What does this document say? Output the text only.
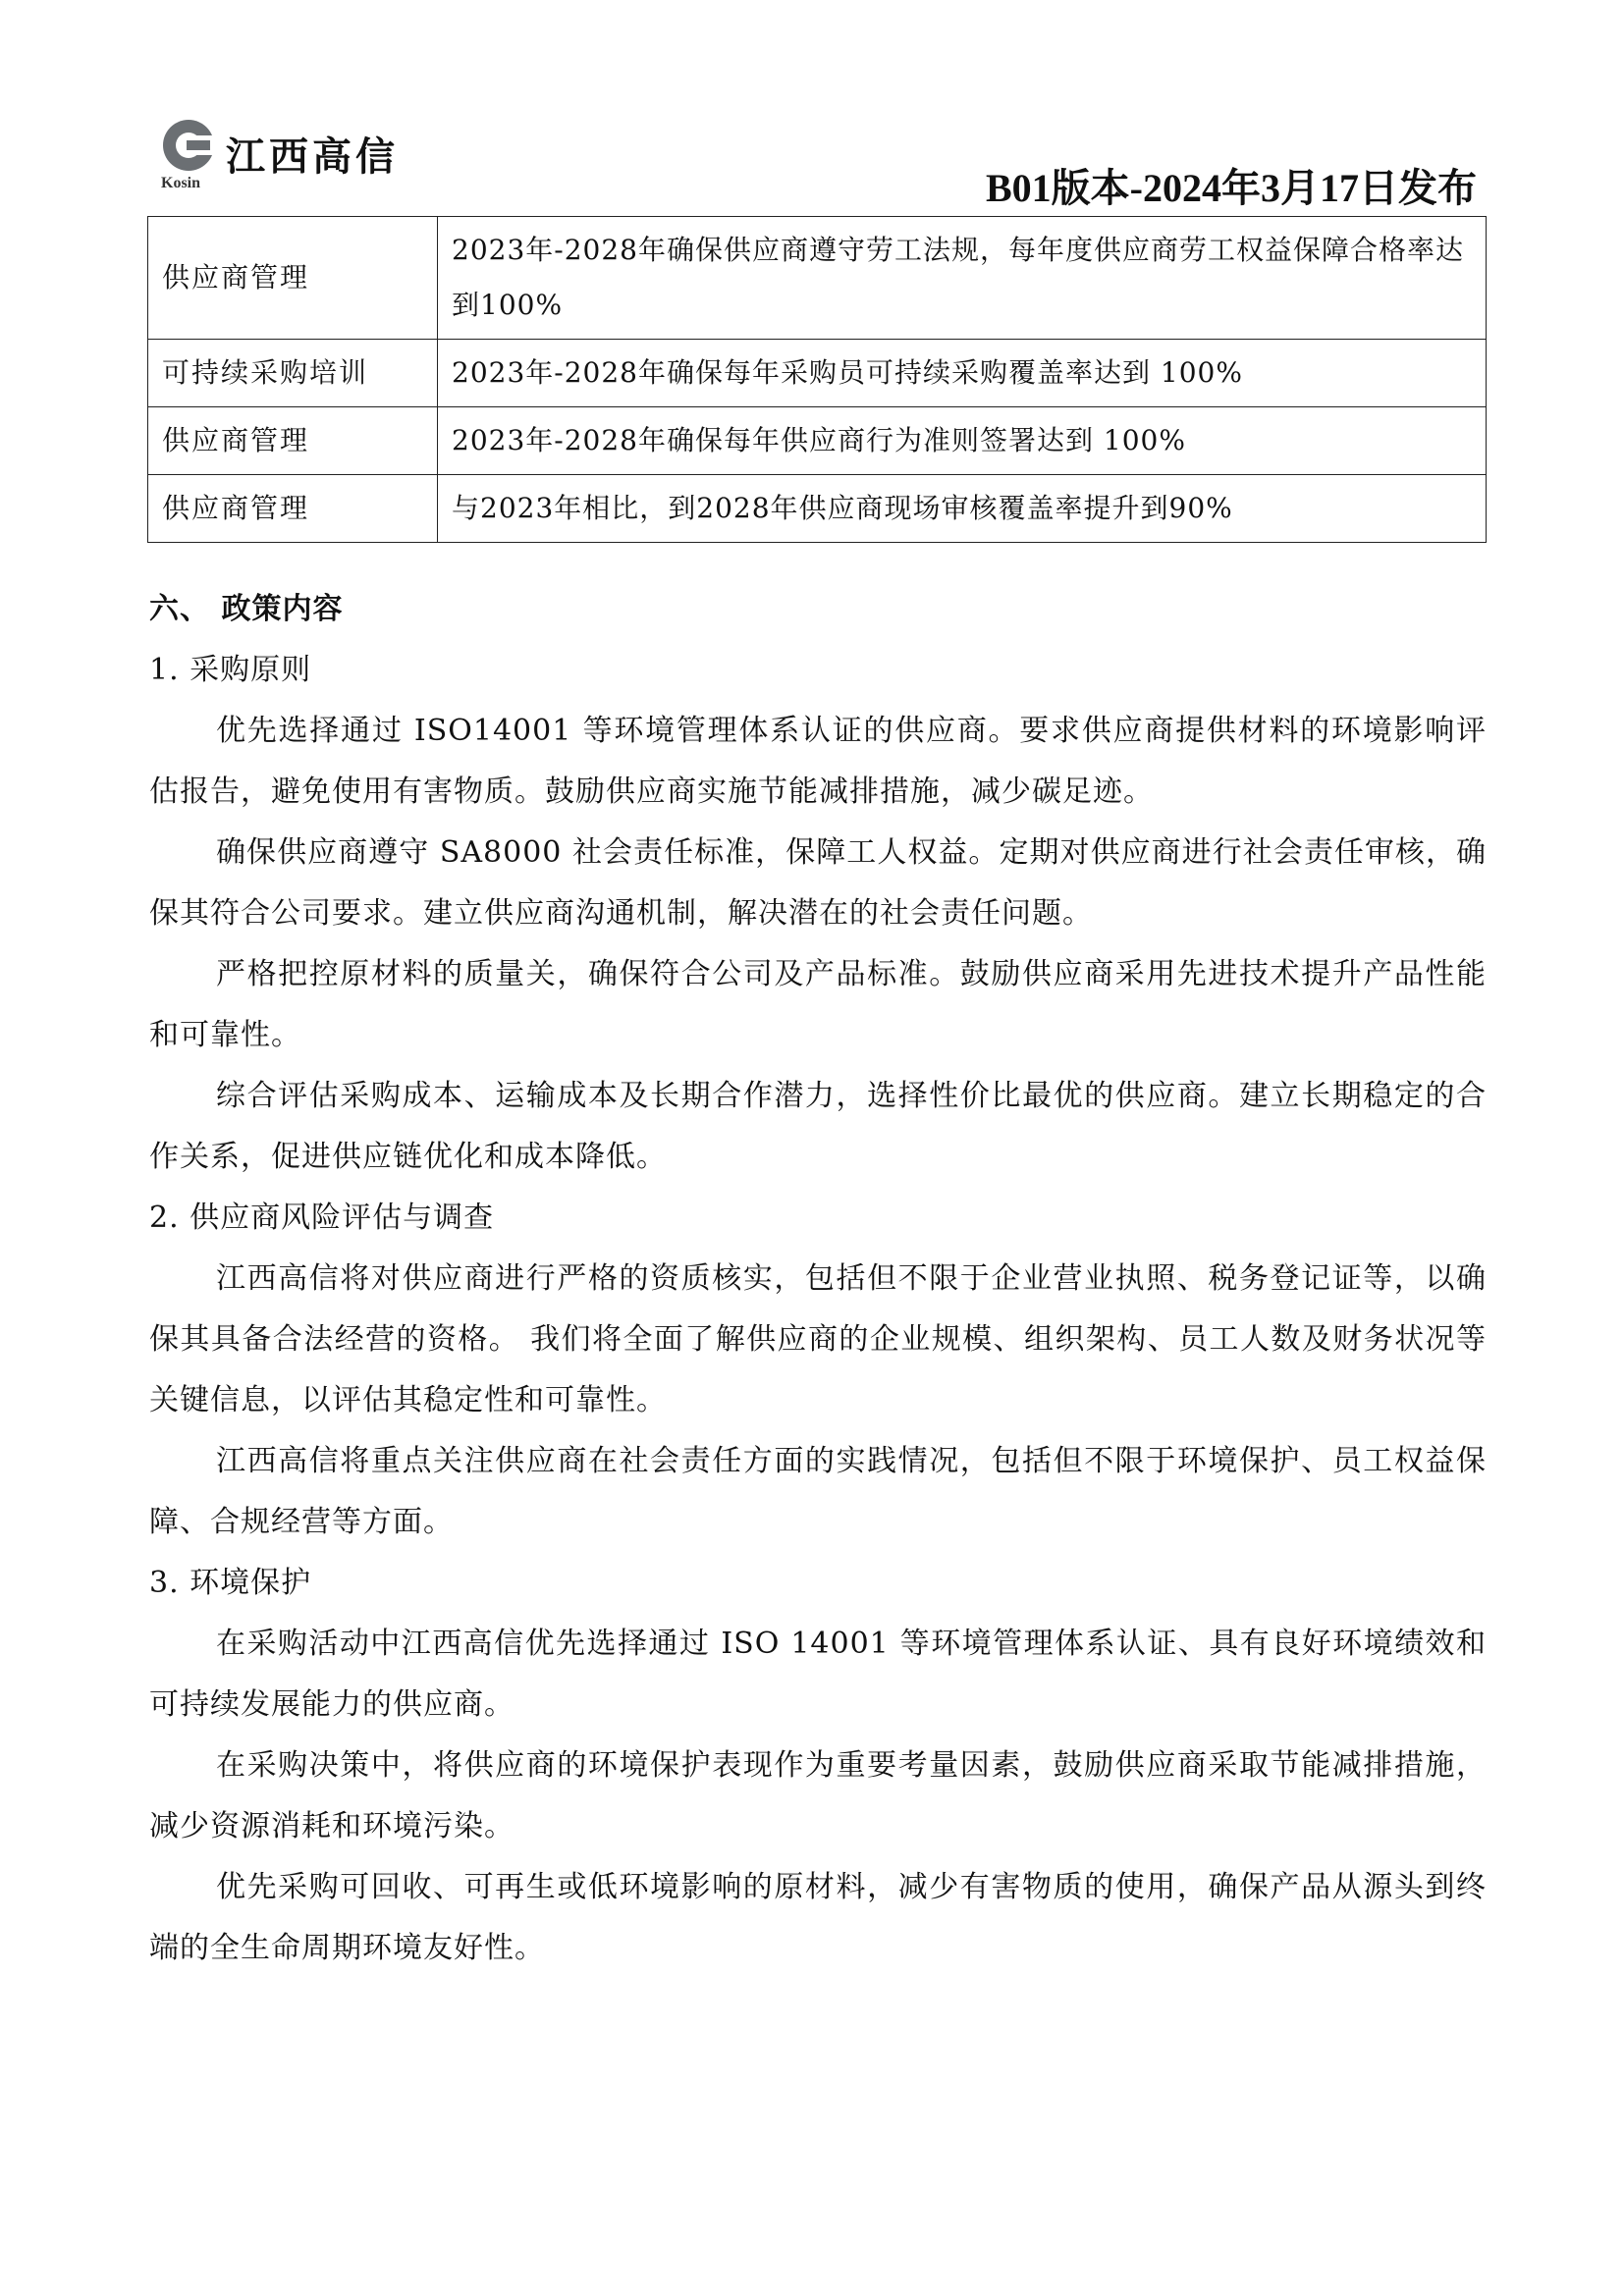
江西高信
Kosin	B01版本-2024年3月17日发布
供应商管理	2023年-2028年确保供应商遵守劳工法规，每年度供应商劳工权益保障合格率达到100%
可持续采购培训	2023年-2028年确保每年采购员可持续采购覆盖率达到 100%
供应商管理	2023年-2028年确保每年供应商行为准则签署达到 100%
供应商管理	与2023年相比，到2028年供应商现场审核覆盖率提升到90%

六、 政策内容

1. 采购原则

优先选择通过 ISO14001 等环境管理体系认证的供应商。要求供应商提供材料的环境影响评估报告，避免使用有害物质。鼓励供应商实施节能减排措施，减少碳足迹。

确保供应商遵守 SA8000 社会责任标准，保障工人权益。定期对供应商进行社会责任审核，确保其符合公司要求。建立供应商沟通机制，解决潜在的社会责任问题。

严格把控原材料的质量关，确保符合公司及产品标准。鼓励供应商采用先进技术提升产品性能和可靠性。

综合评估采购成本、运输成本及长期合作潜力，选择性价比最优的供应商。建立长期稳定的合作关系，促进供应链优化和成本降低。

2. 供应商风险评估与调查

江西高信将对供应商进行严格的资质核实，包括但不限于企业营业执照、税务登记证等，以确保其具备合法经营的资格。 我们将全面了解供应商的企业规模、组织架构、员工人数及财务状况等关键信息，以评估其稳定性和可靠性。

江西高信将重点关注供应商在社会责任方面的实践情况，包括但不限于环境保护、员工权益保障、合规经营等方面。

3. 环境保护

在采购活动中江西高信优先选择通过 ISO 14001 等环境管理体系认证、具有良好环境绩效和可持续发展能力的供应商。

在采购决策中，将供应商的环境保护表现作为重要考量因素，鼓励供应商采取节能减排措施，减少资源消耗和环境污染。

优先采购可回收、可再生或低环境影响的原材料，减少有害物质的使用，确保产品从源头到终端的全生命周期环境友好性。
